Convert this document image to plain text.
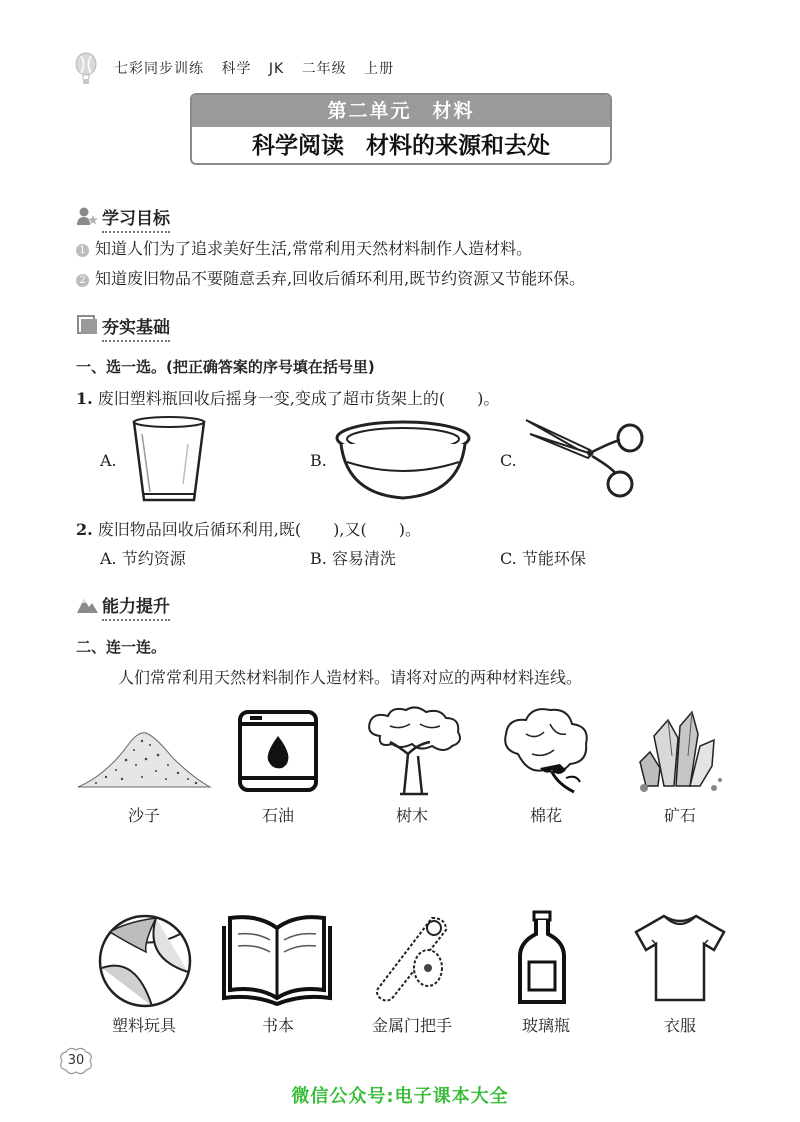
七彩同步训练 科学 JK 二年级 上册
第二单元　材料
科学阅读 材料的来源和去处
学习目标
1 知道人们为了追求美好生活,常常利用天然材料制作人造材料。
2 知道废旧物品不要随意丢弃,回收后循环利用,既节约资源又节能环保。
夯实基础
一、选一选。(把正确答案的序号填在括号里)
1. 废旧塑料瓶回收后摇身一变,变成了超市货架上的(　　)。
A.	B.	C.
2. 废旧物品回收后循环利用,既(　　),又(　　)。
A. 节约资源	B. 容易清洗	C. 节能环保
能力提升
二、连一连。
人们常常利用天然材料制作人造材料。请将对应的两种材料连线。
沙子	石油	树木	棉花	矿石
塑料玩具	书本	金属门把手	玻璃瓶	衣服
30
微信公众号:电子课本大全
